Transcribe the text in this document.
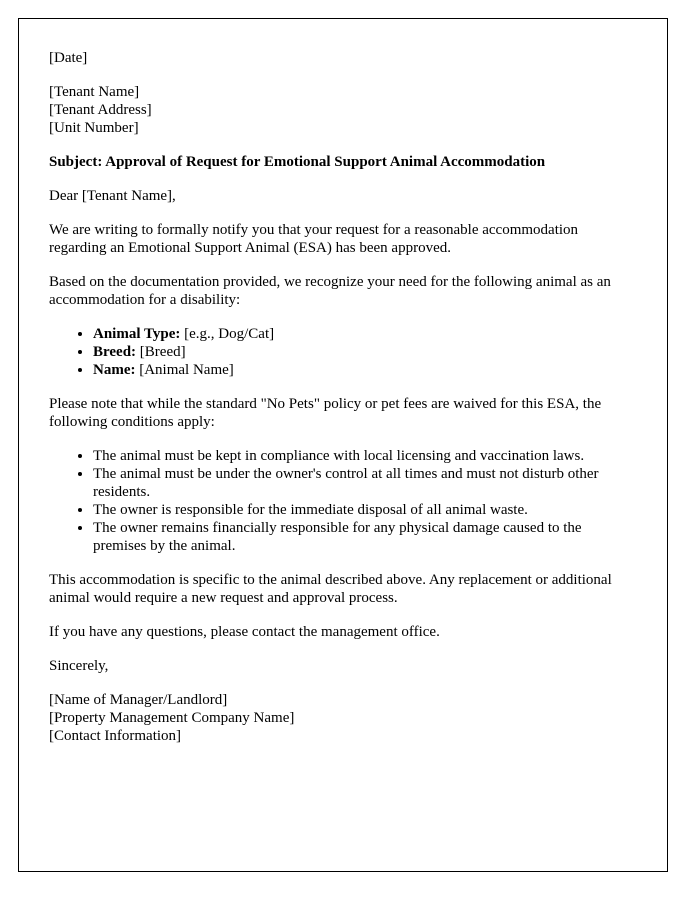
[Date]

[Tenant Name]
[Tenant Address]
[Unit Number]

Subject: Approval of Request for Emotional Support Animal Accommodation

Dear [Tenant Name],

We are writing to formally notify you that your request for a reasonable accommodation regarding an Emotional Support Animal (ESA) has been approved.

Based on the documentation provided, we recognize your need for the following animal as an accommodation for a disability:

• Animal Type: [e.g., Dog/Cat]
• Breed: [Breed]
• Name: [Animal Name]

Please note that while the standard "No Pets" policy or pet fees are waived for this ESA, the following conditions apply:

• The animal must be kept in compliance with local licensing and vaccination laws.
• The animal must be under the owner's control at all times and must not disturb other residents.
• The owner is responsible for the immediate disposal of all animal waste.
• The owner remains financially responsible for any physical damage caused to the premises by the animal.

This accommodation is specific to the animal described above. Any replacement or additional animal would require a new request and approval process.

If you have any questions, please contact the management office.

Sincerely,

[Name of Manager/Landlord]
[Property Management Company Name]
[Contact Information]
